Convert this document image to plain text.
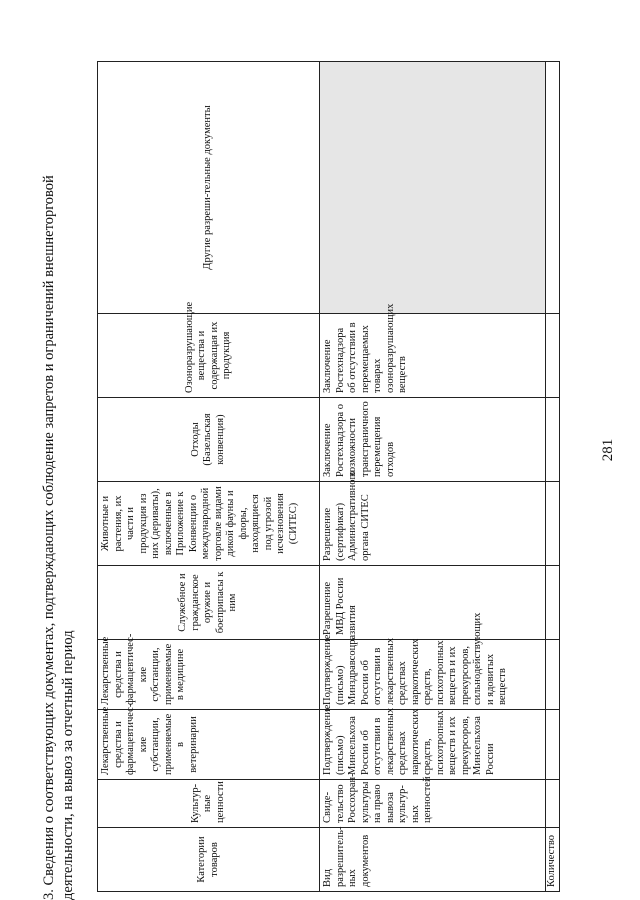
281
3. Сведения о соответствующих документах, подтверждающих соблюдение запретов и ограничений внешнеторговой деятельности, на вывоз за отчетный период	Категории товаров	Культур-ные ценности	Лекарственные средства и фармацевтичес-кие субстанции, применяемые в ветеринарии	Лекарственные средства и фармацевтичес-кие субстанции, применяемые в медицине	Служебное и гражданское оружие и боеприпасы к ним	Животные и растения, их части и продукция из них (дериваты), включенные в Приложение к Конвенции о международной торговле видами дикой фауны и флоры, находящиеся под угрозой исчезновения (СИТЕС)	Отходы (Базельская конвенция)	Озоноразрушающие вещества и содержащая их продукция	Другие разреши-тельные документы
Вид разрешитель-ных документов	Свиде-тельство Россохран-культуры на право вывоза культур-ных ценностей	Подтверждение (письмо) Минсельхоза России об отсутствии в лекарственных средствах наркотических средств, психотропных веществ и их прекурсоров, Минсельхоза России	Подтверждение (письмо) Минздравсоцразвития России об отсутствии в лекарственных средствах наркотических средств, психотропных веществ и их прекурсоров, сильнодействующих и ядовитых веществ	Разрешение МВД России	Разрешение (сертификат) Административного органа СИТЕС	Заключение Ростехнадзора о возможности трансграничного перемещения отходов	Заключение Ростехнадзора об отсутствии в перемещаемых товарах озоноразрушающих веществ	
Количество								
